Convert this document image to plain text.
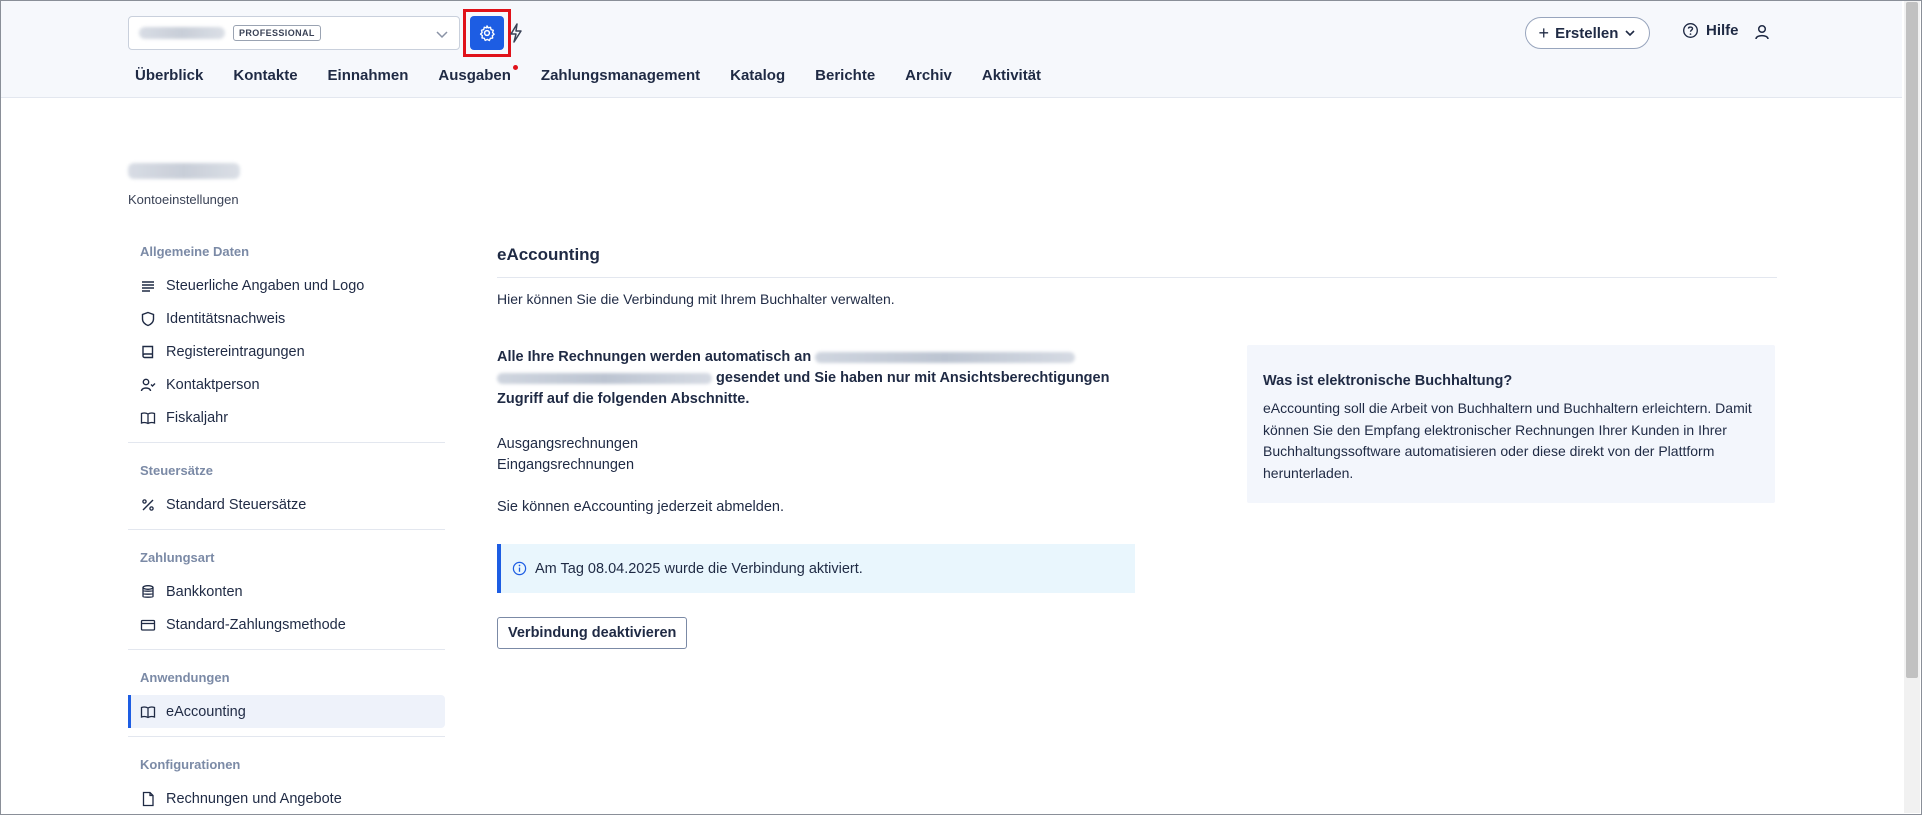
PROFESSIONAL	+ Erstellen	Hilfe
Überblick Kontakte Einnahmen Ausgaben Zahlungsmanagement Katalog Berichte Archiv Aktivität
Kontoeinstellungen
Allgemeine Daten
Steuerliche Angaben und Logo
Identitätsnachweis
Registereintragungen
Kontaktperson
Fiskaljahr
Steuersätze
Standard Steuersätze
Zahlungsart
Bankkonten
Standard-Zahlungsmethode
Anwendungen
eAccounting
Konfigurationen
Rechnungen und Angebote
eAccounting
Hier können Sie die Verbindung mit Ihrem Buchhalter verwalten.
Alle Ihre Rechnungen werden automatisch an
gesendet und Sie haben nur mit Ansichtsberechtigungen Zugriff auf die folgenden Abschnitte.
Ausgangsrechnungen
Eingangsrechnungen
Sie können eAccounting jederzeit abmelden.
Am Tag 08.04.2025 wurde die Verbindung aktiviert.
Verbindung deaktivieren
Was ist elektronische Buchhaltung?

eAccounting soll die Arbeit von Buchhaltern und Buchhaltern erleichtern. Damit können Sie den Empfang elektronischer Rechnungen Ihrer Kunden in Ihrer Buchhaltungssoftware automatisieren oder diese direkt von der Plattform herunterladen.
